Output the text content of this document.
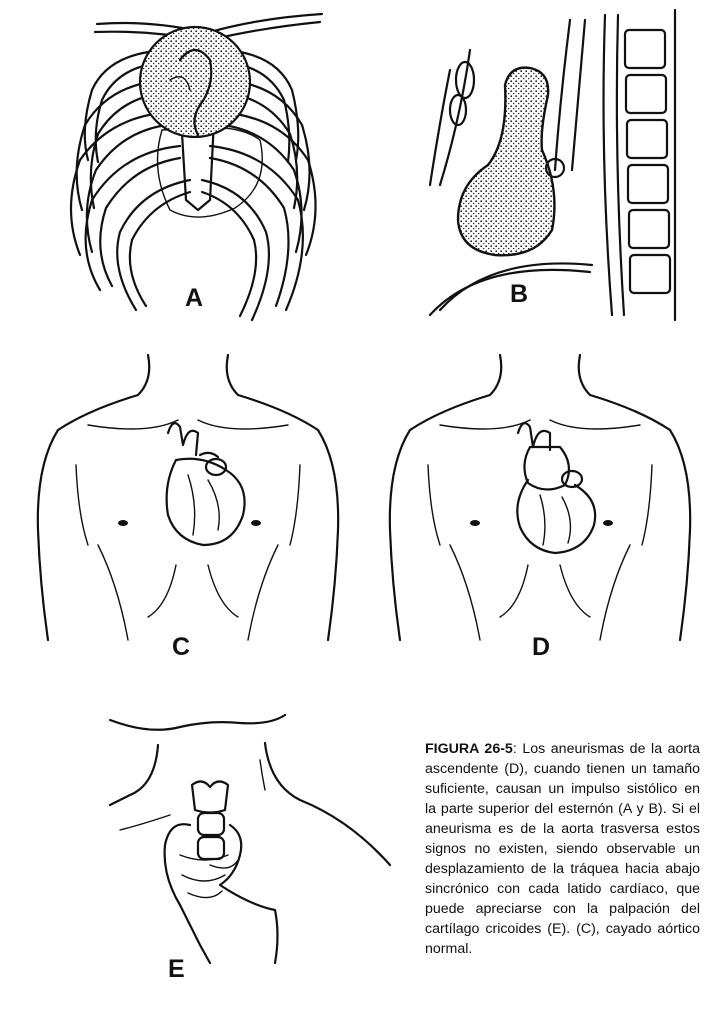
A	B
C	D
E

FIGURA 26-5: Los aneurismas de la aorta ascendente (D), cuando tienen un tamaño suficiente, causan un impulso sistólico en la parte superior del esternón (A y B). Si el aneurisma es de la aorta trasversa estos signos no existen, siendo observable un desplazamiento de la tráquea hacia abajo sincrónico con cada latido cardíaco, que puede apreciarse con la palpación del cartílago cricoides (E). (C), cayado aórtico normal.
